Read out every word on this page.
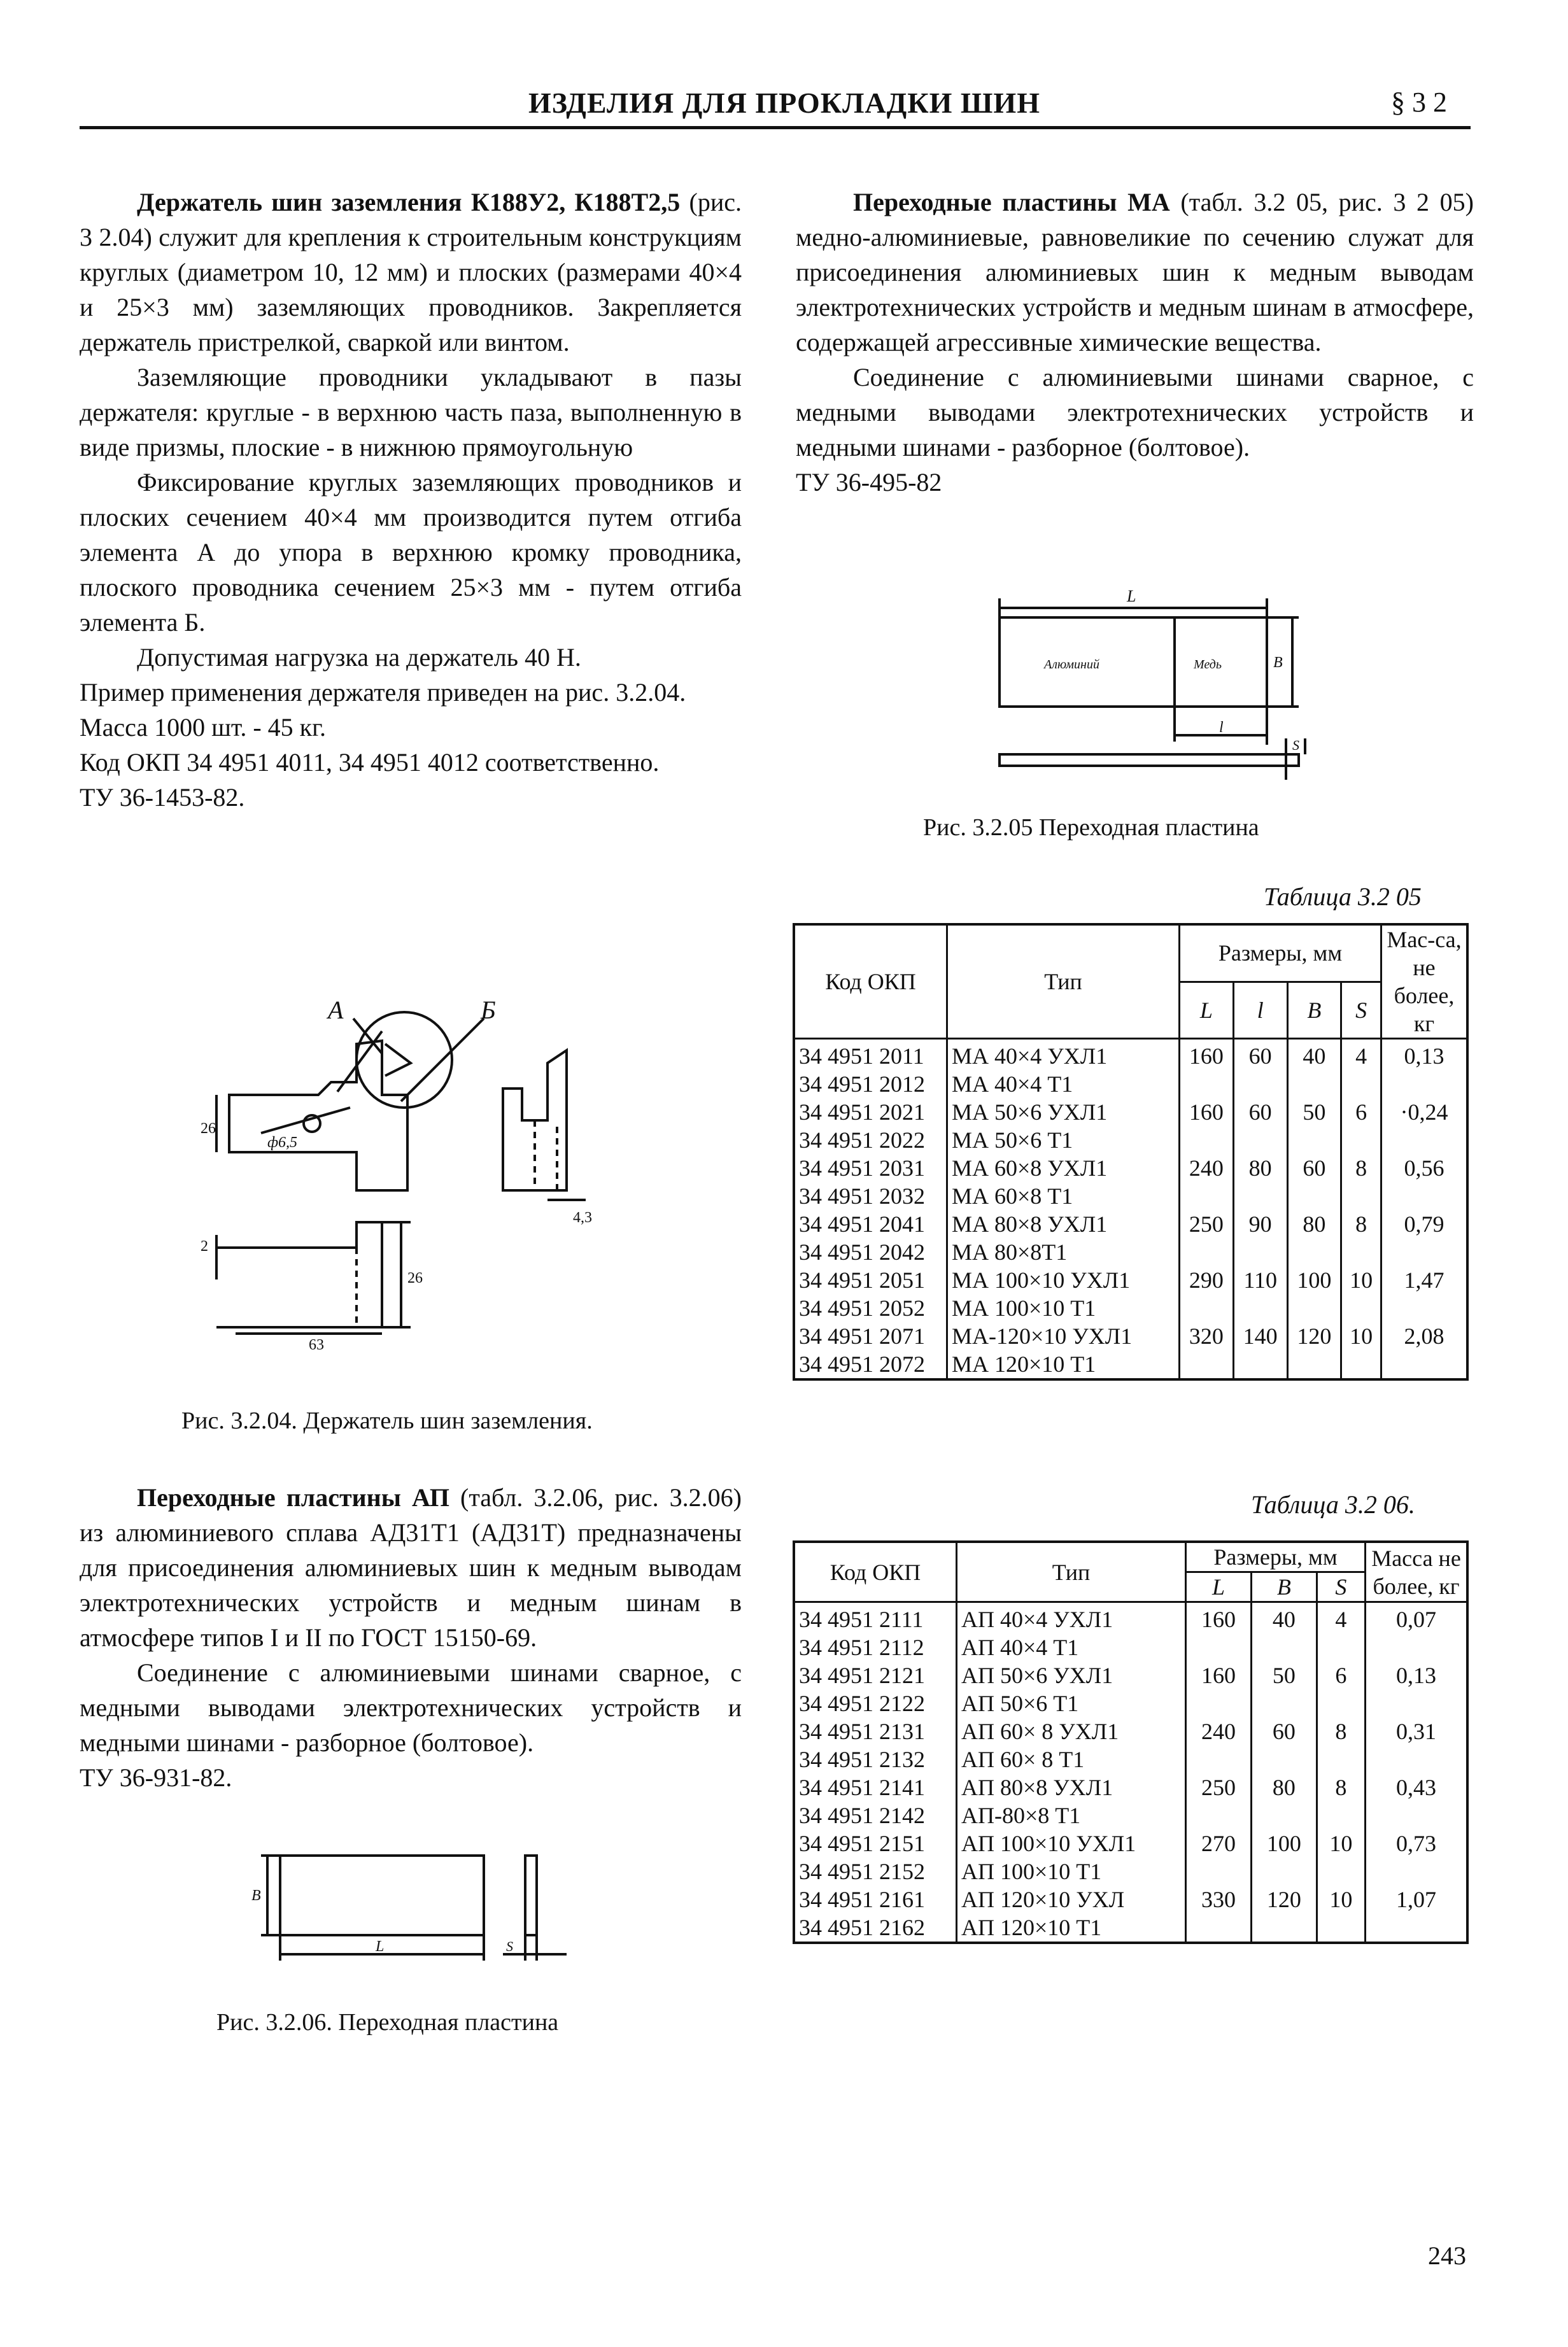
ИЗДЕЛИЯ ДЛЯ ПРОКЛАДКИ ШИН	§ 3 2

Держатель шин заземления К188У2, К188Т2,5 (рис. 3 2.04) служит для крепления к строительным конструкциям круглых (диаметром 10, 12 мм) и плоских (размерами 40×4 и 25×3 мм) заземляющих проводников. Закрепляется держатель пристрелкой, сваркой или винтом.

Заземляющие проводники укладывают в пазы держателя: круглые - в верхнюю часть паза, выполненную в виде призмы, плоские - в нижнюю прямоугольную

Фиксирование круглых заземляющих проводников и плоских сечением 40×4 мм производится путем отгиба элемента А до упора в верхнюю кромку проводника, плоского проводника сечением 25×3 мм - путем отгиба элемента Б.

Допустимая нагрузка на держатель 40 Н.

Пример применения держателя приведен на рис. 3.2.04.

Масса 1000 шт. - 45 кг.

Код ОКП 34 4951 4011, 34 4951 4012 соответственно.

ТУ 36-1453-82.

А	Б
26
ф6,5
4,3
2
26
63
Рис. 3.2.04. Держатель шин заземления.

Переходные пластины МА (табл. 3.2 05, рис. 3 2 05) медно-алюминиевые, равновеликие по сечению служат для присоединения алюминиевых шин к медным выводам электротехнических устройств и медным шинам в атмосфере, содержащей агрессивные химические вещества.

Соединение с алюминиевыми шинами сварное, с медными выводами электротехнических устройств и медными шинами - разборное (болтовое).

ТУ 36-495-82

L
Алюминий	Медь	B
l
S
Рис. 3.2.05 Переходная пластина
Таблица 3.2 05
Код ОКП	Тип	Размеры, мм				Мас-са, не более, кг
		L	l	B	S	
34 4951 2011	МА 40×4 УХЛ1	160	60	40	4	0,13
34 4951 2012	МА 40×4 Т1					
34 4951 2021	МА 50×6 УХЛ1	160	60	50	6	·0,24
34 4951 2022	МА 50×6 Т1					
34 4951 2031	МА 60×8 УХЛ1	240	80	60	8	0,56
34 4951 2032	МА 60×8 Т1					
34 4951 2041	МА 80×8 УХЛ1	250	90	80	8	0,79
34 4951 2042	МА 80×8Т1					
34 4951 2051	МА 100×10 УХЛ1	290	110	100	10	1,47
34 4951 2052	МА 100×10 Т1					
34 4951 2071	МА-120×10 УХЛ1	320	140	120	10	2,08
34 4951 2072	МА 120×10 Т1					

Переходные пластины АП (табл. 3.2.06, рис. 3.2.06) из алюминиевого сплава АД31Т1 (АД31Т) предназначены для присоединения алюминиевых шин к медным выводам электротехнических устройств и медным шинам в атмосфере типов I и II по ГОСТ 15150-69.

Соединение с алюминиевыми шинами сварное, с медными выводами электротехнических устройств и медными шинами - разборное (болтовое).

ТУ 36-931-82.

B
L	S
Рис. 3.2.06. Переходная пластина
Таблица 3.2 06.
Код ОКП	Тип	Размеры, мм			Масса не более, кг
		L	B	S	
34 4951 2111	АП 40×4 УХЛ1	160	40	4	0,07
34 4951 2112	АП 40×4 Т1				
34 4951 2121	АП 50×6 УХЛ1	160	50	6	0,13
34 4951 2122	АП 50×6 Т1				
34 4951 2131	АП 60× 8 УХЛ1	240	60	8	0,31
34 4951 2132	АП 60× 8 Т1				
34 4951 2141	АП 80×8 УХЛ1	250	80	8	0,43
34 4951 2142	АП-80×8 Т1				
34 4951 2151	АП 100×10 УХЛ1	270	100	10	0,73
34 4951 2152	АП 100×10 Т1				
34 4951 2161	АП 120×10 УХЛ	330	120	10	1,07
34 4951 2162	АП 120×10 Т1				
243
